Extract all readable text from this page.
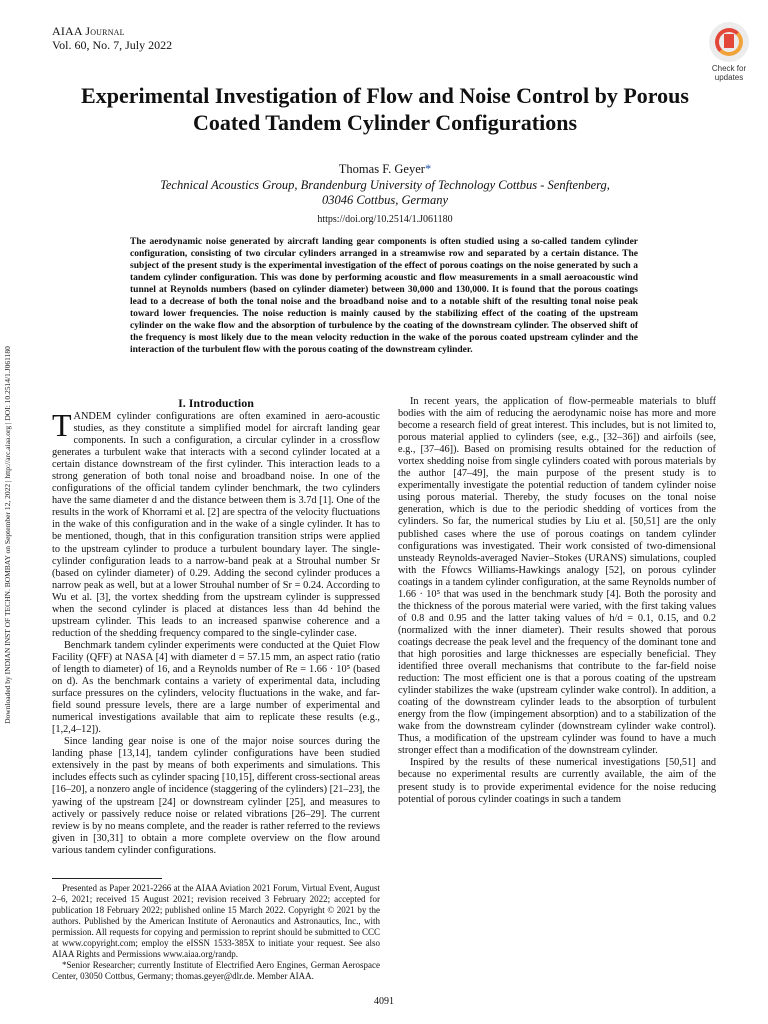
AIAA Journal
Vol. 60, No. 7, July 2022
Check for
updates
Downloaded by INDIAN INST OF TECHN. BOMBAY on September 12, 2022 | http://arc.aiaa.org | DOI: 10.2514/1.J061180
Experimental Investigation of Flow and Noise Control by Porous Coated Tandem Cylinder Configurations
Thomas F. Geyer*
Technical Acoustics Group, Brandenburg University of Technology Cottbus - Senftenberg,
03046 Cottbus, Germany
https://doi.org/10.2514/1.J061180
The aerodynamic noise generated by aircraft landing gear components is often studied using a so-called tandem cylinder configuration, consisting of two circular cylinders arranged in a streamwise row and separated by a certain distance. The subject of the present study is the experimental investigation of the effect of porous coatings on the noise generated by such a tandem cylinder configuration. This was done by performing acoustic and flow measurements in a small aeroacoustic wind tunnel at Reynolds numbers (based on cylinder diameter) between 30,000 and 130,000. It is found that the porous coatings lead to a decrease of both the tonal noise and the broadband noise and to a notable shift of the resulting tonal noise peak toward lower frequencies. The noise reduction is mainly caused by the stabilizing effect of the coating of the upstream cylinder on the wake flow and the absorption of turbulence by the coating of the downstream cylinder. The observed shift of the frequency is most likely due to the mean velocity reduction in the wake of the porous coated upstream cylinder and the interaction of the turbulent flow with the porous coating of the downstream cylinder.
I. Introduction

TANDEM cylinder configurations are often examined in aero-acoustic studies, as they constitute a simplified model for aircraft landing gear components. In such a configuration, a circular cylinder in a crossflow generates a turbulent wake that interacts with a second cylinder located at a certain distance downstream of the first cylinder. This interaction leads to a strong generation of both tonal noise and broadband noise. In one of the configurations of the official tandem cylinder benchmark, the two cylinders have the same diameter d and the distance between them is 3.7d [1]. One of the results in the work of Khorrami et al. [2] are spectra of the velocity fluctuations in the wake of this configuration and in the wake of a single cylinder. It has to be mentioned, though, that in this configuration transition strips were applied to the upstream cylinder to produce a turbulent boundary layer. The single-cylinder configuration leads to a narrow-band peak at a Strouhal number Sr (based on cylinder diameter) of 0.29. Adding the second cylinder produces a narrow peak as well, but at a lower Strouhal number of Sr = 0.24. According to Wu et al. [3], the vortex shedding from the upstream cylinder is suppressed when the second cylinder is placed at distances less than 4d behind the upstream cylinder. This leads to an increased spanwise coherence and a reduction of the shedding frequency compared to the single-cylinder case.

Benchmark tandem cylinder experiments were conducted at the Quiet Flow Facility (QFF) at NASA [4] with diameter d = 57.15 mm, an aspect ratio (ratio of length to diameter) of 16, and a Reynolds number of Re = 1.66 · 10⁵ (based on d). As the benchmark contains a variety of experimental data, including surface pressures on the cylinders, velocity fluctuations in the wake, and far-field sound pressure levels, there are a large number of experimental and numerical investigations available that aim to replicate these results (e.g., [1,2,4–12]).

Since landing gear noise is one of the major noise sources during the landing phase [13,14], tandem cylinder configurations have been studied extensively in the past by means of both experiments and simulations. This includes effects such as cylinder spacing [10,15], different cross-sectional areas [16–20], a nonzero angle of incidence (staggering of the cylinders) [21–23], the yawing of the upstream [24] or downstream cylinder [25], and measures to actively or passively reduce noise or related vibrations [26–29]. The current review is by no means complete, and the reader is rather referred to the reviews given in [30,31] to obtain a more complete overview on the flow around various tandem cylinder configurations.

In recent years, the application of flow-permeable materials to bluff bodies with the aim of reducing the aerodynamic noise has more and more become a research field of great interest. This includes, but is not limited to, porous material applied to cylinders (see, e.g., [32–36]) and airfoils (see, e.g., [37–46]). Based on promising results obtained for the reduction of vortex shedding noise from single cylinders coated with porous materials by the author [47–49], the main purpose of the present study is to experimentally investigate the potential reduction of tandem cylinder noise using porous material. Thereby, the study focuses on the tonal noise generation, which is due to the periodic shedding of vortices from the cylinders. So far, the numerical studies by Liu et al. [50,51] are the only published cases where the use of porous coatings on tandem cylinder configurations was investigated. Their work consisted of two-dimensional unsteady Reynolds-averaged Navier–Stokes (URANS) simulations, coupled with the Ffowcs Williams-Hawkings analogy [52], on porous cylinder coatings in a tandem cylinder configuration, at the same Reynolds number of 1.66 · 10⁵ that was used in the benchmark study [4]. Both the porosity and the thickness of the porous material were varied, with the first taking values of 0.8 and 0.95 and the latter taking values of h/d = 0.1, 0.15, and 0.2 (normalized with the inner diameter). Their results showed that porous coatings decrease the peak level and the frequency of the dominant tone and that high porosities and large thicknesses are especially beneficial. They identified three overall mechanisms that contribute to the far-field noise reduction: The most efficient one is that a porous coating of the upstream cylinder stabilizes the wake (upstream cylinder wake control). In addition, a coating of the downstream cylinder leads to the absorption of turbulent energy from the flow (impingement absorption) and to a stabilization of the wake from the downstream cylinder (downstream cylinder wake control). Thus, a modification of the upstream cylinder was found to have a much stronger effect than a modification of the downstream cylinder.

Inspired by the results of these numerical investigations [50,51] and because no experimental results are currently available, the aim of the present study is to provide experimental evidence for the noise reducing potential of porous cylinder coatings in such a tandem

Presented as Paper 2021-2266 at the AIAA Aviation 2021 Forum, Virtual Event, August 2–6, 2021; received 15 August 2021; revision received 3 February 2022; accepted for publication 18 February 2022; published online 15 March 2022. Copyright © 2021 by the authors. Published by the American Institute of Aeronautics and Astronautics, Inc., with permission. All requests for copying and permission to reprint should be submitted to CCC at www.copyright.com; employ the eISSN 1533-385X to initiate your request. See also AIAA Rights and Permissions www.aiaa.org/randp.

*Senior Researcher; currently Institute of Electrified Aero Engines, German Aerospace Center, 03050 Cottbus, Germany; thomas.geyer@dlr.de. Member AIAA.

4091
